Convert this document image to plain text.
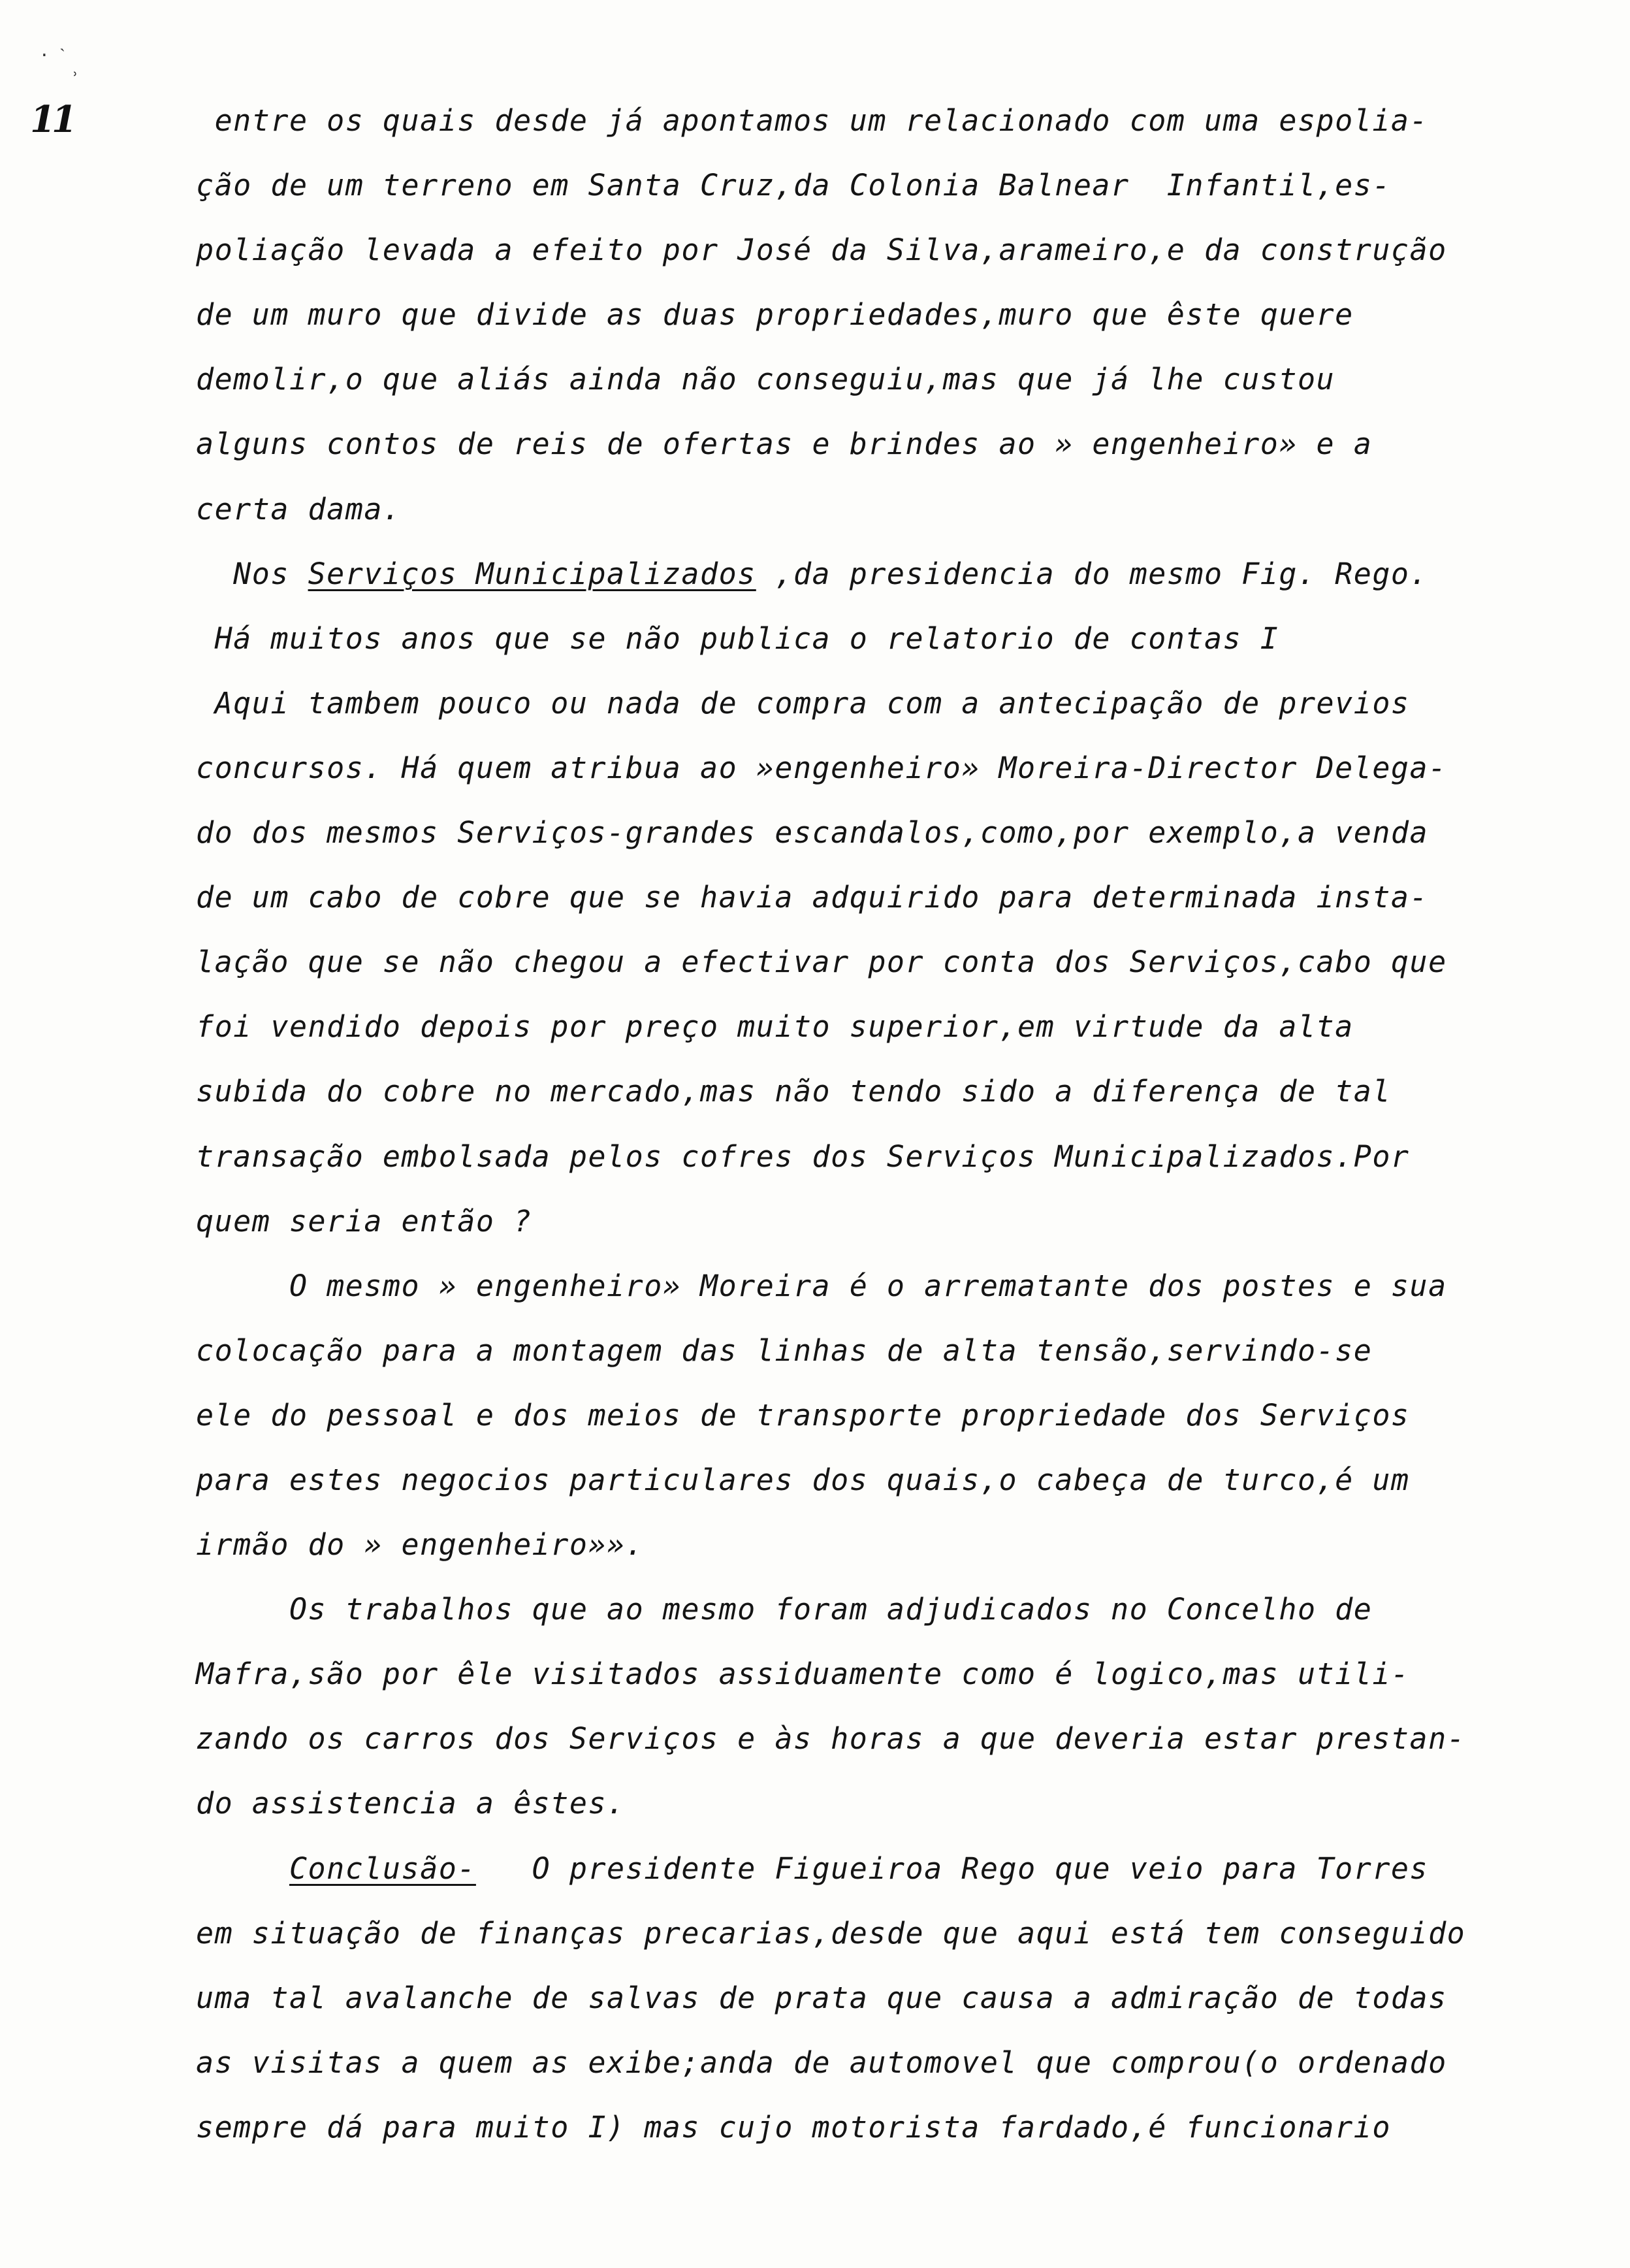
· ˋ
˒
11	entre os quais desde já apontamos um relacionado com uma espolia-
ção de um terreno em Santa Cruz,da Colonia Balnear  Infantil,es-
poliação levada a efeito por José da Silva,arameiro,e da construção
de um muro que divide as duas propriedades,muro que êste quere
demolir,o que aliás ainda não conseguiu,mas que já lhe custou
alguns contos de reis de ofertas e brindes ao » engenheiro» e a
certa dama.
Nos Serviços Municipalizados ,da presidencia do mesmo Fig. Rego.
Há muitos anos que se não publica o relatorio de contas I
Aqui tambem pouco ou nada de compra com a antecipação de previos
concursos. Há quem atribua ao »engenheiro» Moreira-Director Delega-
do dos mesmos Serviços-grandes escandalos,como,por exemplo,a venda
de um cabo de cobre que se havia adquirido para determinada insta-
lação que se não chegou a efectivar por conta dos Serviços,cabo que
foi vendido depois por preço muito superior,em virtude da alta
subida do cobre no mercado,mas não tendo sido a diferença de tal
transação embolsada pelos cofres dos Serviços Municipalizados.Por
quem seria então ?
O mesmo » engenheiro» Moreira é o arrematante dos postes e sua
colocação para a montagem das linhas de alta tensão,servindo-se
ele do pessoal e dos meios de transporte propriedade dos Serviços
para estes negocios particulares dos quais,o cabeça de turco,é um
irmão do » engenheiro»».
Os trabalhos que ao mesmo foram adjudicados no Concelho de
Mafra,são por êle visitados assiduamente como é logico,mas utili-
zando os carros dos Serviços e às horas a que deveria estar prestan-
do assistencia a êstes.
Conclusão-   O presidente Figueiroa Rego que veio para Torres
em situação de finanças precarias,desde que aqui está tem conseguido
uma tal avalanche de salvas de prata que causa a admiração de todas
as visitas a quem as exibe;anda de automovel que comprou(o ordenado
sempre dá para muito I) mas cujo motorista fardado,é funcionario
